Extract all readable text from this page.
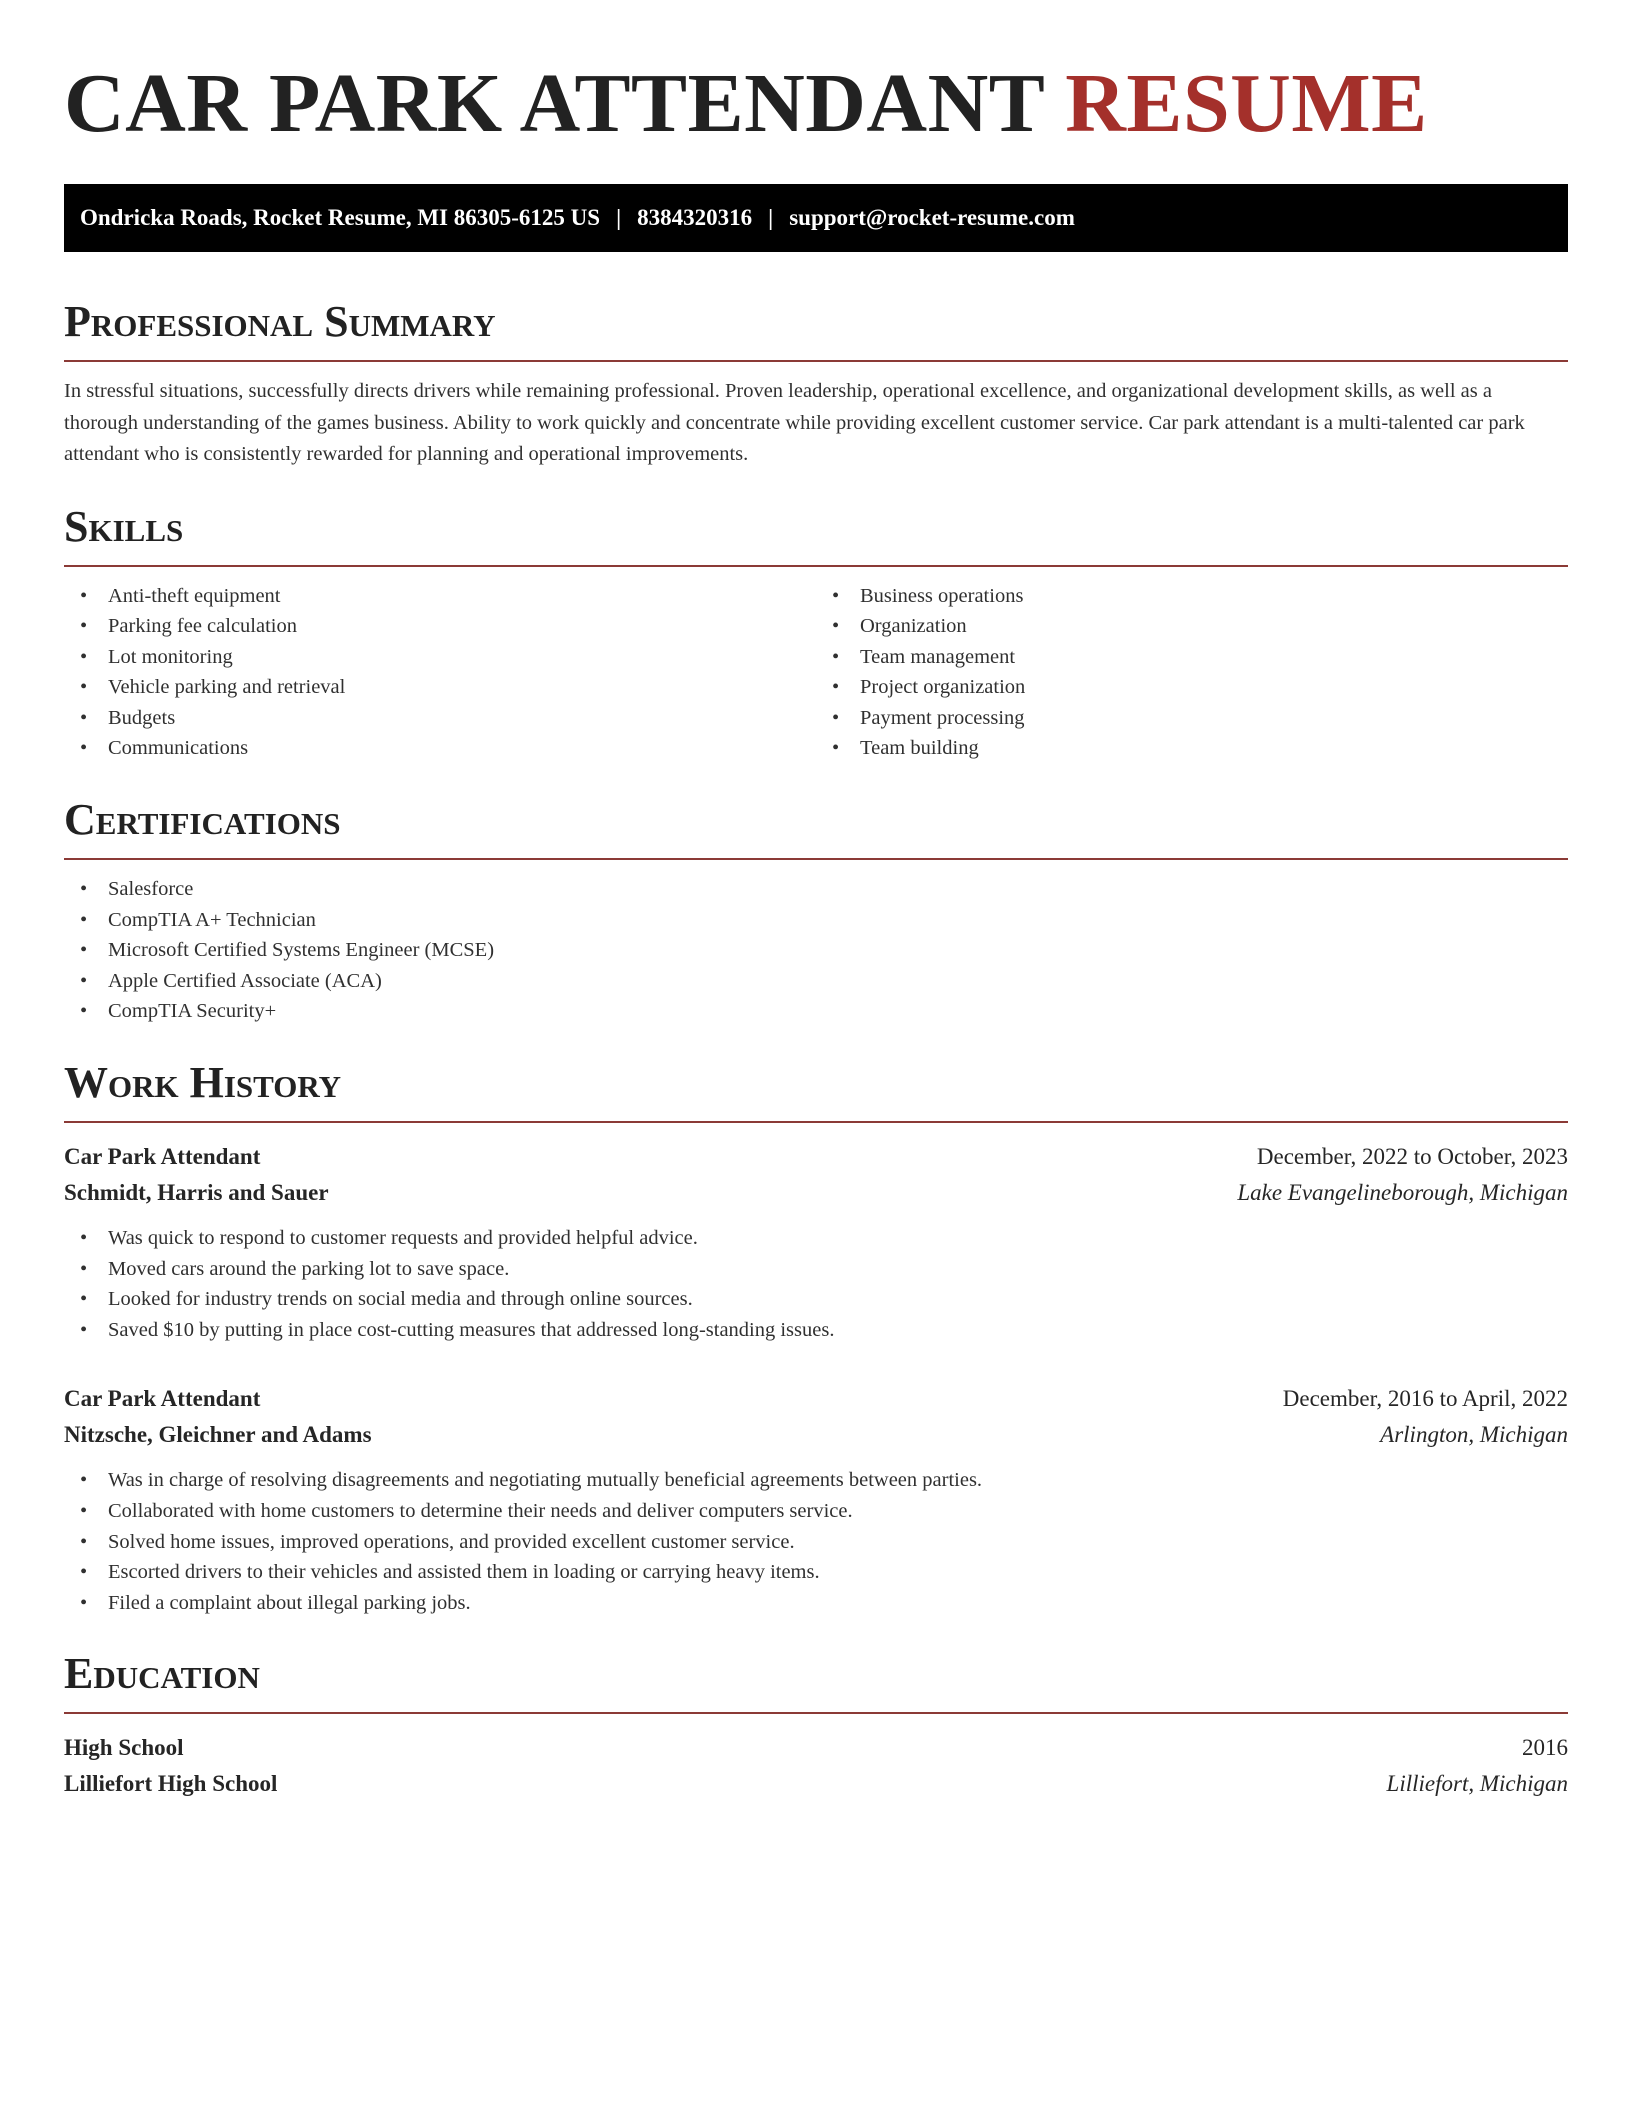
CAR PARK ATTENDANT RESUME
Ondricka Roads, Rocket Resume, MI 86305-6125 US | 8384320316 | support@rocket-resume.com
Professional Summary

In stressful situations, successfully directs drivers while remaining professional. Proven leadership, operational excellence, and organizational development skills, as well as a thorough understanding of the games business. Ability to work quickly and concentrate while providing excellent customer service. Car park attendant is a multi-talented car park attendant who is consistently rewarded for planning and operational improvements.

Skills
• Anti-theft equipment
• Parking fee calculation
• Lot monitoring
• Vehicle parking and retrieval
• Budgets
• Communications
• Business operations
• Organization
• Team management
• Project organization
• Payment processing
• Team building
Certifications
• Salesforce
• CompTIA A+ Technician
• Microsoft Certified Systems Engineer (MCSE)
• Apple Certified Associate (ACA)
• CompTIA Security+
Work History
Car Park Attendant	December, 2022 to October, 2023
Schmidt, Harris and Sauer	Lake Evangelineborough, Michigan
• Was quick to respond to customer requests and provided helpful advice.
• Moved cars around the parking lot to save space.
• Looked for industry trends on social media and through online sources.
• Saved $10 by putting in place cost-cutting measures that addressed long-standing issues.
Car Park Attendant	December, 2016 to April, 2022
Nitzsche, Gleichner and Adams	Arlington, Michigan
• Was in charge of resolving disagreements and negotiating mutually beneficial agreements between parties.
• Collaborated with home customers to determine their needs and deliver computers service.
• Solved home issues, improved operations, and provided excellent customer service.
• Escorted drivers to their vehicles and assisted them in loading or carrying heavy items.
• Filed a complaint about illegal parking jobs.
Education
High School	2016
Lilliefort High School	Lilliefort, Michigan
